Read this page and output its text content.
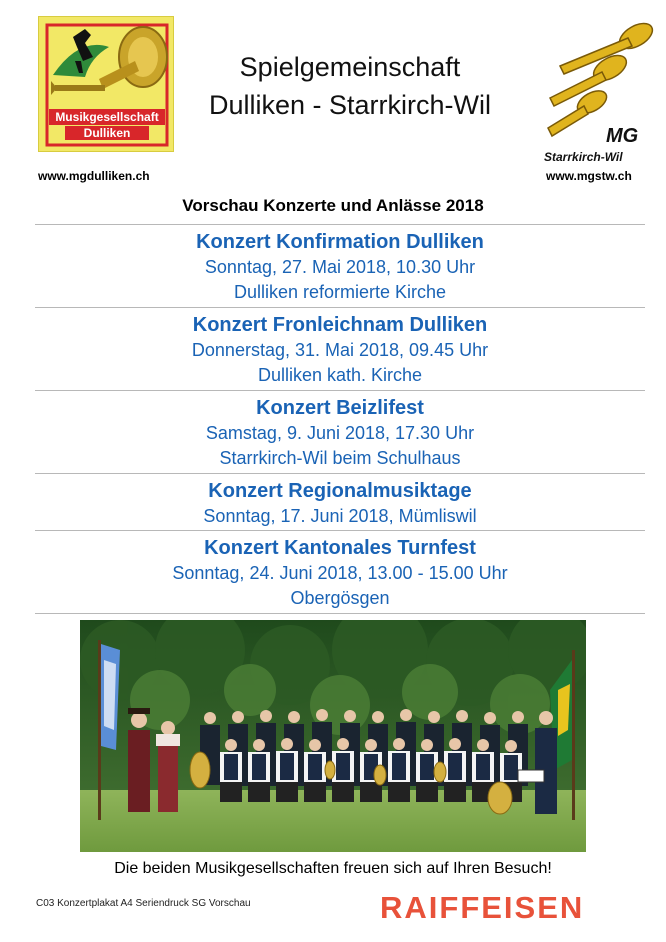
Musikgesellschaft
Dulliken
Spielgemeinschaft
Dulliken - Starrkirch-Wil
MG
Starrkirch-Wil
www.mgdulliken.ch	www.mgstw.ch
Vorschau Konzerte und Anlässe 2018
Konzert Konfirmation Dulliken
Sonntag, 27. Mai 2018, 10.30 Uhr
Dulliken reformierte Kirche
Konzert Fronleichnam Dulliken
Donnerstag, 31. Mai 2018, 09.45 Uhr
Dulliken kath. Kirche
Konzert Beizlifest
Samstag, 9. Juni 2018, 17.30 Uhr
Starrkirch-Wil beim Schulhaus
Konzert Regionalmusiktage
Sonntag, 17. Juni 2018, Mümliswil
Konzert Kantonales Turnfest
Sonntag, 24. Juni 2018, 13.00 - 15.00 Uhr
Obergösgen
Die beiden Musikgesellschaften freuen sich auf Ihren Besuch!
C03 Konzertplakat A4 Seriendruck SG Vorschau	RAIFFEISEN
